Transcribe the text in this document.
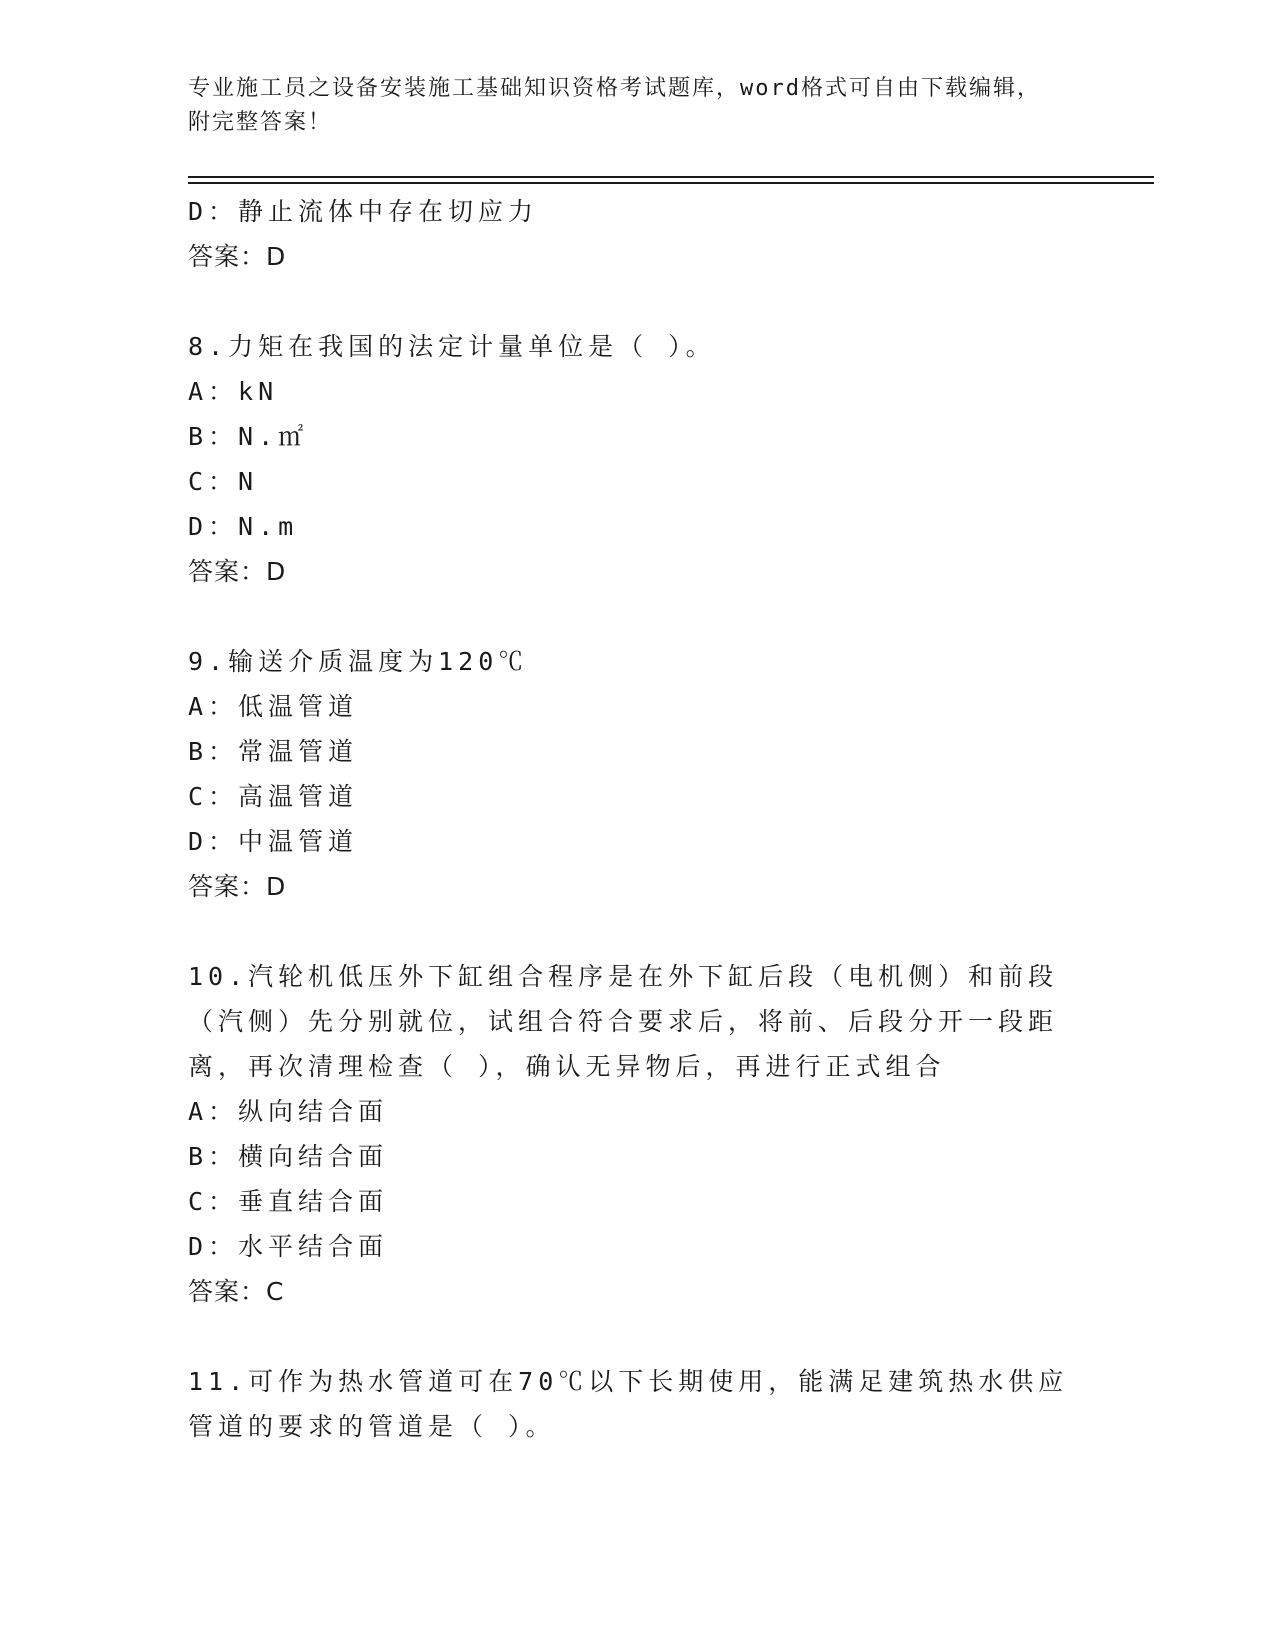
专业施工员之设备安装施工基础知识资格考试题库，word格式可自由下载编辑，
附完整答案！
D：静止流体中存在切应力
答案：D
8.力矩在我国的法定计量单位是（ ）。
A：kN
B：N.㎡
C：N
D：N.m
答案：D
9.输送介质温度为120℃
A：低温管道
B：常温管道
C：高温管道
D：中温管道
答案：D
10.汽轮机低压外下缸组合程序是在外下缸后段（电机侧）和前段（汽侧）先分别就位，试组合符合要求后，将前、后段分开一段距离，再次清理检查（ ），确认无异物后，再进行正式组合
A：纵向结合面
B：横向结合面
C：垂直结合面
D：水平结合面
答案：C
11.可作为热水管道可在70℃以下长期使用，能满足建筑热水供应管道的要求的管道是（ ）。
